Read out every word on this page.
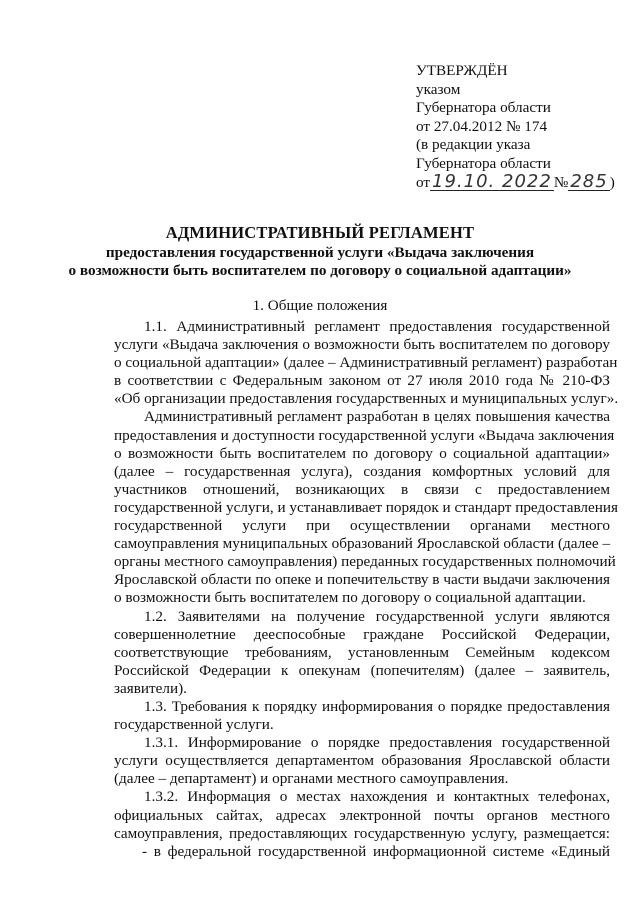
УТВЕРЖДЁН
указом
Губернатора области
от 27.04.2012 № 174
(в редакции указа
Губернатора области
от 19.10. 2022 № 285 )
АДМИНИСТРАТИВНЫЙ РЕГЛАМЕНТ
предоставления государственной услуги «Выдача заключения
о возможности быть воспитателем по договору о социальной адаптации»
1. Общие положения
1.1. Административный регламент предоставления государственной
услуги «Выдача заключения о возможности быть воспитателем по договору
о социальной адаптации» (далее – Административный регламент) разработан
в соответствии с Федеральным законом от 27 июля 2010 года № 210-ФЗ
«Об организации предоставления государственных и муниципальных услуг».
Административный регламент разработан в целях повышения качества
предоставления и доступности государственной услуги «Выдача заключения
о возможности быть воспитателем по договору о социальной адаптации»
(далее – государственная услуга), создания комфортных условий для
участников отношений, возникающих в связи с предоставлением
государственной услуги, и устанавливает порядок и стандарт предоставления
государственной услуги при осуществлении органами местного
самоуправления муниципальных образований Ярославской области (далее –
органы местного самоуправления) переданных государственных полномочий
Ярославской области по опеке и попечительству в части выдачи заключения
о возможности быть воспитателем по договору о социальной адаптации.
1.2. Заявителями на получение государственной услуги являются
совершеннолетние дееспособные граждане Российской Федерации,
соответствующие требованиям, установленным Семейным кодексом
Российской Федерации к опекунам (попечителям) (далее – заявитель,
заявители).
1.3. Требования к порядку информирования о порядке предоставления
государственной услуги.
1.3.1. Информирование о порядке предоставления государственной
услуги осуществляется департаментом образования Ярославской области
(далее – департамент) и органами местного самоуправления.
1.3.2. Информация о местах нахождения и контактных телефонах,
официальных сайтах, адресах электронной почты органов местного
самоуправления, предоставляющих государственную услугу, размещается:
- в федеральной государственной информационной системе «Единый
